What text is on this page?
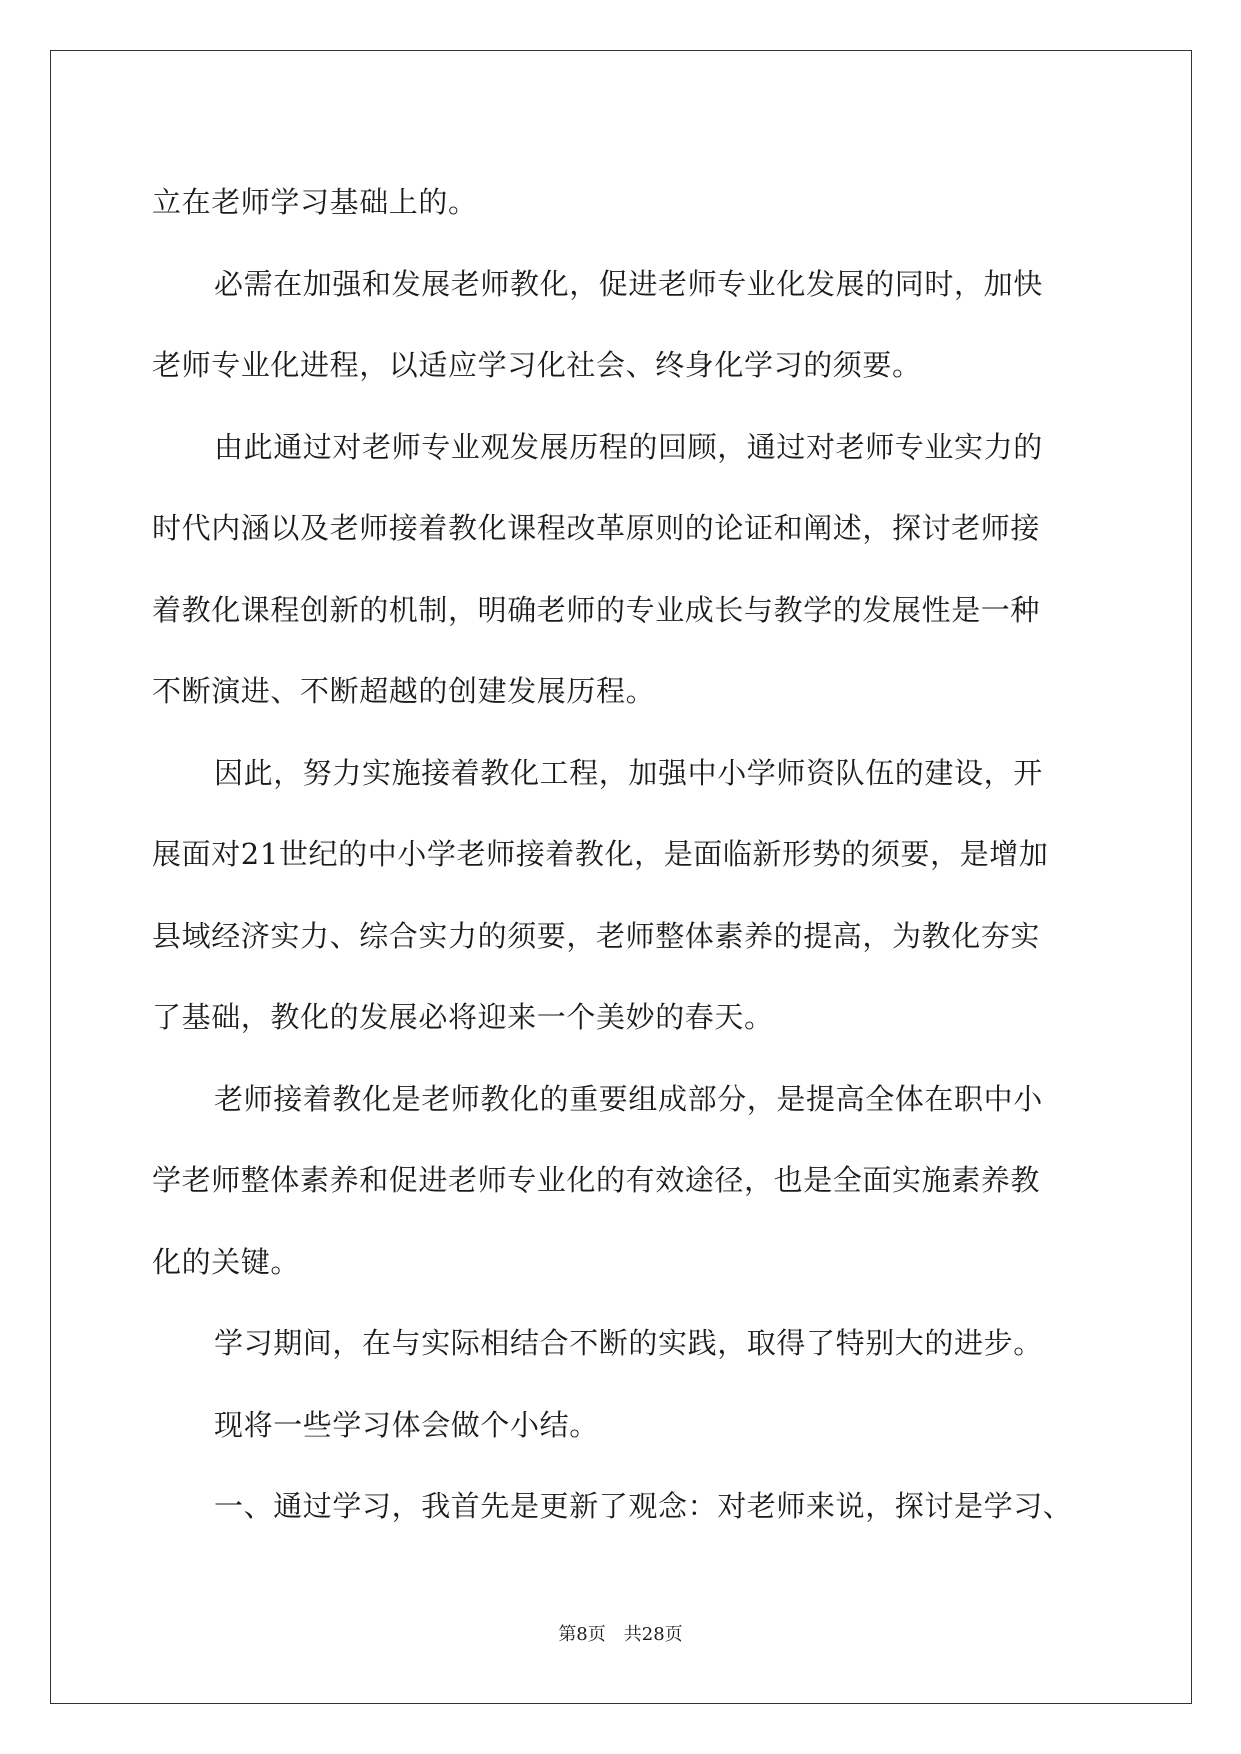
立在老师学习基础上的。
必需在加强和发展老师教化，促进老师专业化发展的同时，加快
老师专业化进程，以适应学习化社会、终身化学习的须要。
由此通过对老师专业观发展历程的回顾，通过对老师专业实力的
时代内涵以及老师接着教化课程改革原则的论证和阐述，探讨老师接
着教化课程创新的机制，明确老师的专业成长与教学的发展性是一种
不断演进、不断超越的创建发展历程。
因此，努力实施接着教化工程，加强中小学师资队伍的建设，开
展面对21世纪的中小学老师接着教化，是面临新形势的须要，是增加
县域经济实力、综合实力的须要，老师整体素养的提高，为教化夯实
了基础，教化的发展必将迎来一个美妙的春天。
老师接着教化是老师教化的重要组成部分，是提高全体在职中小
学老师整体素养和促进老师专业化的有效途径，也是全面实施素养教
化的关键。
学习期间，在与实际相结合不断的实践，取得了特别大的进步。
现将一些学习体会做个小结。
一、通过学习，我首先是更新了观念：对老师来说，探讨是学习、
第8页 共28页
